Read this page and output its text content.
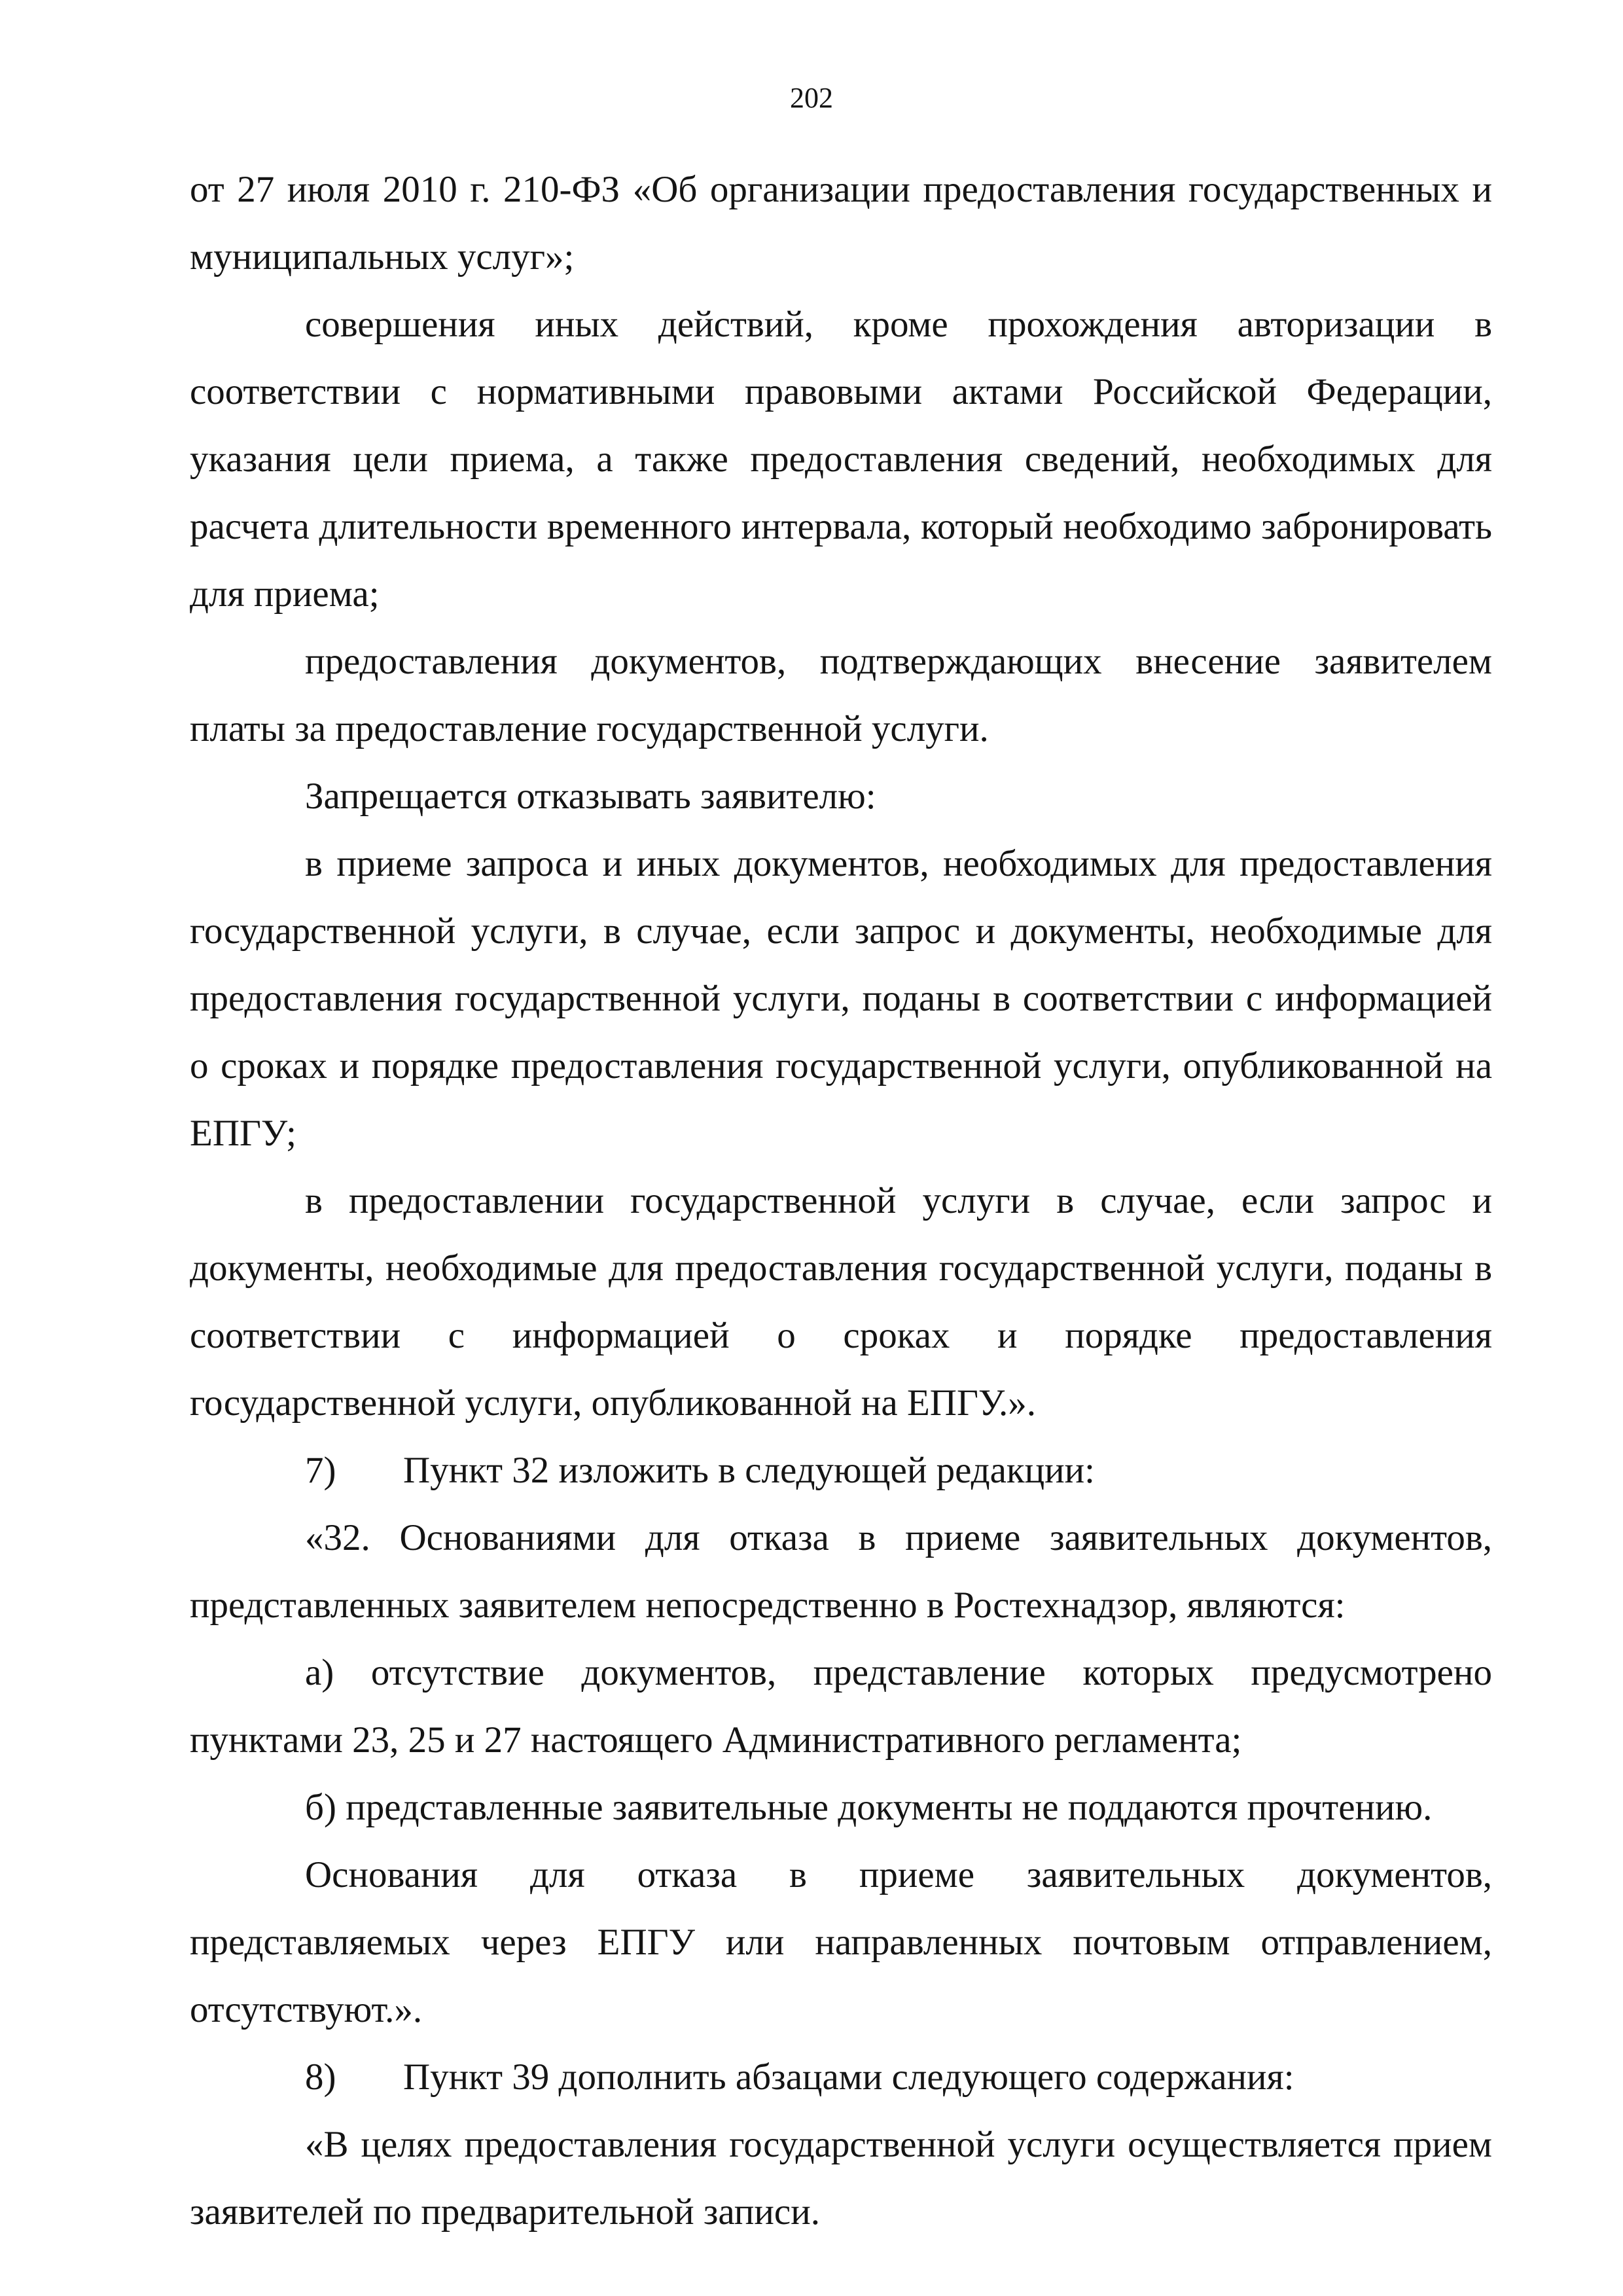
202

от 27 июля 2010 г. 210-ФЗ «Об организации предоставления государственных и муниципальных услуг»;

совершения иных действий, кроме прохождения авторизации в соответствии с нормативными правовыми актами Российской Федерации, указания цели приема, а также предоставления сведений, необходимых для расчета длительности временного интервала, который необходимо забронировать для приема;

предоставления документов, подтверждающих внесение заявителем платы за предоставление государственной услуги.

Запрещается отказывать заявителю:

в приеме запроса и иных документов, необходимых для предоставления государственной услуги, в случае, если запрос и документы, необходимые для предоставления государственной услуги, поданы в соответствии с информацией о сроках и порядке предоставления государственной услуги, опубликованной на ЕПГУ;

в предоставлении государственной услуги в случае, если запрос и документы, необходимые для предоставления государственной услуги, поданы в соответствии с информацией о сроках и порядке предоставления государственной услуги, опубликованной на ЕПГУ.».

7)	Пункт 32 изложить в следующей редакции:

«32. Основаниями для отказа в приеме заявительных документов, представленных заявителем непосредственно в Ростехнадзор, являются:

а) отсутствие документов, представление которых предусмотрено пунктами 23, 25 и 27 настоящего Административного регламента;

б) представленные заявительные документы не поддаются прочтению.

Основания для отказа в приеме заявительных документов, представляемых через ЕПГУ или направленных почтовым отправлением, отсутствуют.».

8)	Пункт 39 дополнить абзацами следующего содержания:

«В целях предоставления государственной услуги осуществляется прием заявителей по предварительной записи.
